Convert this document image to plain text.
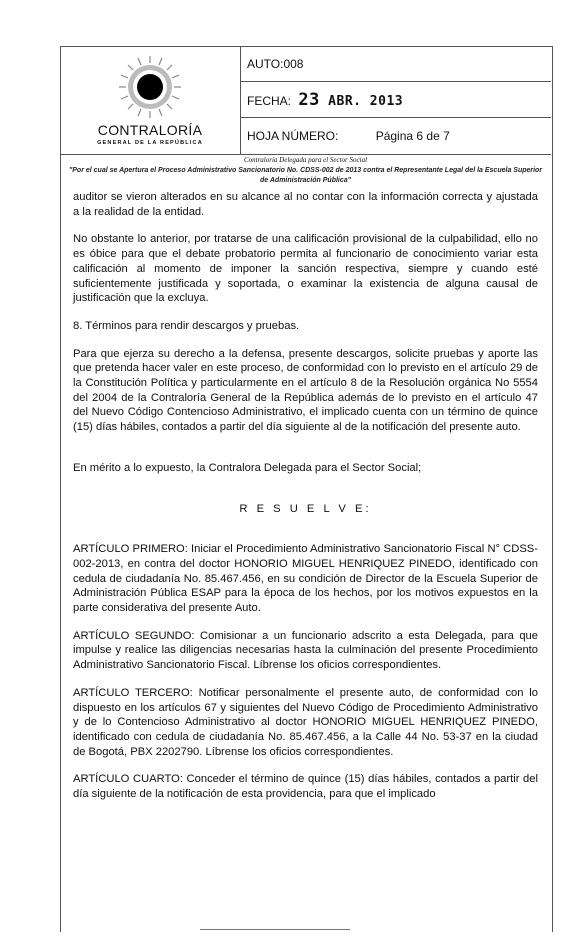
CONTRALORÍA
GENERAL DE LA REPÚBLICA
AUTO:008
FECHA: 23 ABR. 2013
HOJA NÚMERO:	Página 6 de 7
Contraloría Delegada para el Sector Social
"Por el cual se Apertura el Proceso Administrativo Sancionatorio No. CDSS-002 de 2013 contra el Representante Legal del la Escuela Superior de Administración Pública"

auditor se vieron alterados en su alcance al no contar con la información correcta y ajustada a la realidad de la entidad.

No obstante lo anterior, por tratarse de una calificación provisional de la culpabilidad, ello no es óbice para que el debate probatorio permita al funcionario de conocimiento variar esta calificación al momento de imponer la sanción respectiva, siempre y cuando esté suficientemente justificada y soportada, o examinar la existencia de alguna causal de justificación que la excluya.

8. Términos para rendir descargos y pruebas.

Para que ejerza su derecho a la defensa, presente descargos, solicite pruebas y aporte las que pretenda hacer valer en este proceso, de conformidad con lo previsto en el artículo 29 de la Constitución Política y particularmente en el artículo 8 de la Resolución orgánica No 5554 del 2004 de la Contraloría General de la República además de lo previsto en el artículo 47 del Nuevo Código Contencioso Administrativo, el implicado cuenta con un término de quince (15) días hábiles, contados a partir del día siguiente al de la notificación del presente auto.

En mérito a lo expuesto, la Contralora Delegada para el Sector Social;

R E S U E L V E:

ARTÍCULO PRIMERO: Iniciar el Procedimiento Administrativo Sancionatorio Fiscal N° CDSS-002-2013, en contra del doctor HONORIO MIGUEL HENRIQUEZ PINEDO, identificado con cedula de ciudadanía No. 85.467.456, en su condición de Director de la Escuela Superior de Administración Pública ESAP para la época de los hechos, por los motivos expuestos en la parte considerativa del presente Auto.

ARTÍCULO SEGUNDO: Comisionar a un funcionario adscrito a esta Delegada, para que impulse y realice las diligencias necesarias hasta la culminación del presente Procedimiento Administrativo Sancionatorio Fiscal. Líbrense los oficios correspondientes.

ARTÍCULO TERCERO: Notificar personalmente el presente auto, de conformidad con lo dispuesto en los artículos 67 y siguientes del Nuevo Código de Procedimiento Administrativo y de lo Contencioso Administrativo al doctor HONORIO MIGUEL HENRIQUEZ PINEDO, identificado con cedula de ciudadanía No. 85.467.456, a la Calle 44 No. 53-37 en la ciudad de Bogotá, PBX 2202790. Líbrense los oficios correspondientes.

ARTÍCULO CUARTO: Conceder el término de quince (15) días hábiles, contados a partir del día siguiente de la notificación de esta providencia, para que el implicado
